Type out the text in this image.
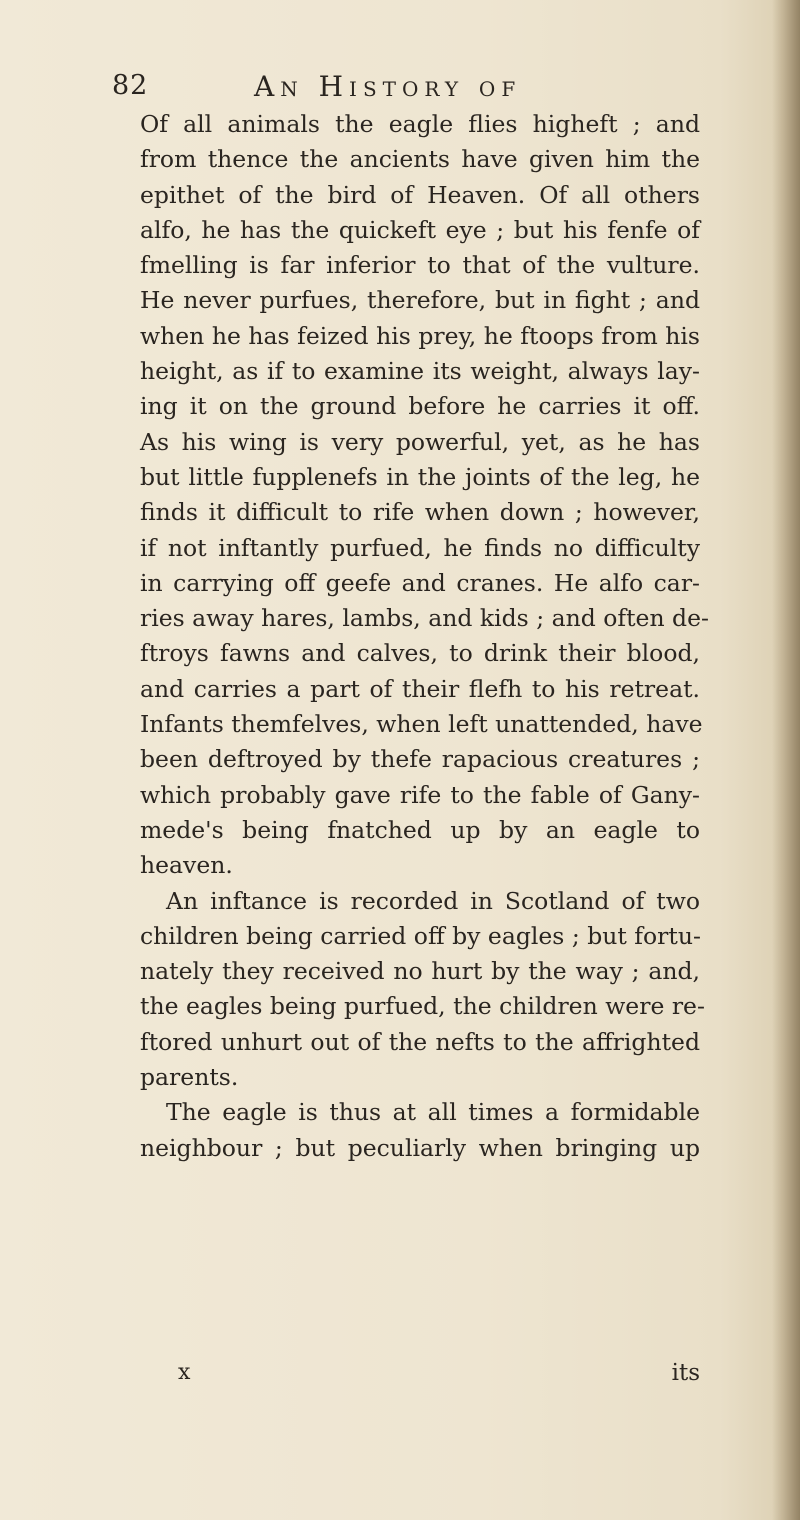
82	An History of
Of all animals the eagle flies higheft ; and
from thence the ancients have given him the
epithet of the bird of Heaven. Of all others
alfo, he has the quickeft eye ; but his fenfe of
fmelling is far inferior to that of the vulture.
He never purfues, therefore, but in fight ; and
when he has feized his prey, he ftoops from his
height, as if to examine its weight, always lay-
ing it on the ground before he carries it off.
As his wing is very powerful, yet, as he has
but little fupplenefs in the joints of the leg, he
finds it difficult to rife when down ; however,
if not inftantly purfued, he finds no difficulty
in carrying off geefe and cranes. He alfo car-
ries away hares, lambs, and kids ; and often de-
ftroys fawns and calves, to drink their blood,
and carries a part of their flefh to his retreat.
Infants themfelves, when left unattended, have
been deftroyed by thefe rapacious creatures ;
which probably gave rife to the fable of Gany-
mede's being fnatched up by an eagle to
heaven.
An inftance is recorded in Scotland of two
children being carried off by eagles ; but fortu-
nately they received no hurt by the way ; and,
the eagles being purfued, the children were re-
ftored unhurt out of the nefts to the affrighted
parents.
The eagle is thus at all times a formidable
neighbour ; but peculiarly when bringing up
x	its
